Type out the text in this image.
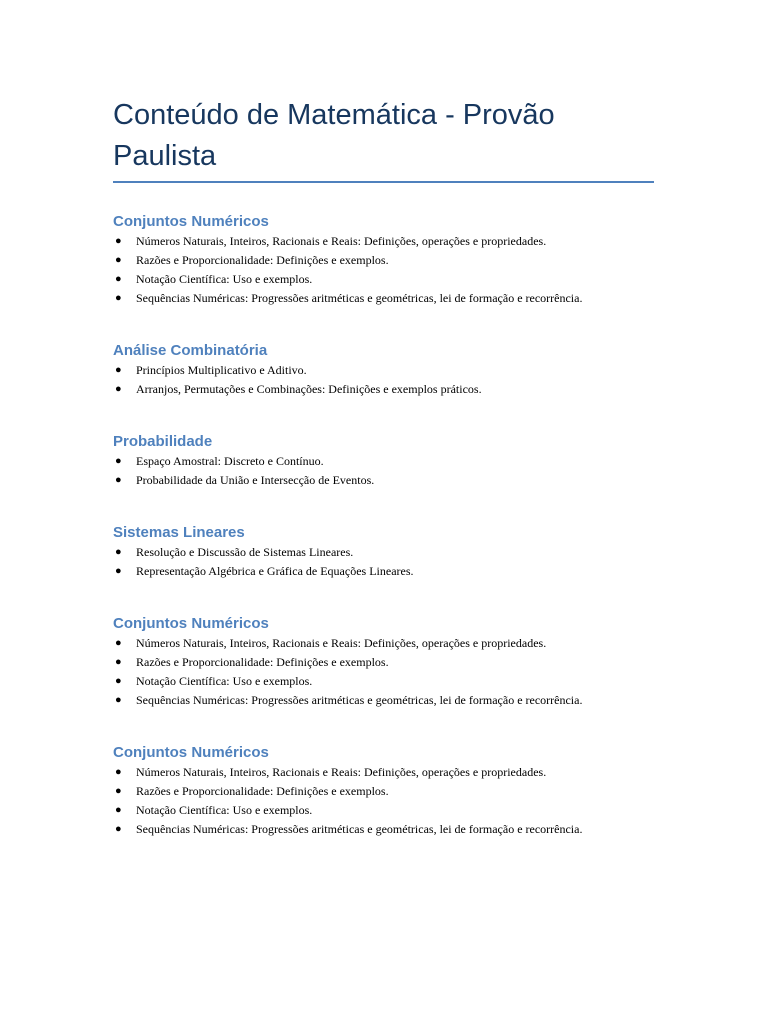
Conteúdo de Matemática - Provão Paulista
Conjuntos Numéricos
● Números Naturais, Inteiros, Racionais e Reais: Definições, operações e propriedades.
● Razões e Proporcionalidade: Definições e exemplos.
● Notação Científica: Uso e exemplos.
● Sequências Numéricas: Progressões aritméticas e geométricas, lei de formação e recorrência.
Análise Combinatória
● Princípios Multiplicativo e Aditivo.
● Arranjos, Permutações e Combinações: Definições e exemplos práticos.
Probabilidade
● Espaço Amostral: Discreto e Contínuo.
● Probabilidade da União e Intersecção de Eventos.
Sistemas Lineares
● Resolução e Discussão de Sistemas Lineares.
● Representação Algébrica e Gráfica de Equações Lineares.
Conjuntos Numéricos
● Números Naturais, Inteiros, Racionais e Reais: Definições, operações e propriedades.
● Razões e Proporcionalidade: Definições e exemplos.
● Notação Científica: Uso e exemplos.
● Sequências Numéricas: Progressões aritméticas e geométricas, lei de formação e recorrência.
Conjuntos Numéricos
● Números Naturais, Inteiros, Racionais e Reais: Definições, operações e propriedades.
● Razões e Proporcionalidade: Definições e exemplos.
● Notação Científica: Uso e exemplos.
● Sequências Numéricas: Progressões aritméticas e geométricas, lei de formação e recorrência.
